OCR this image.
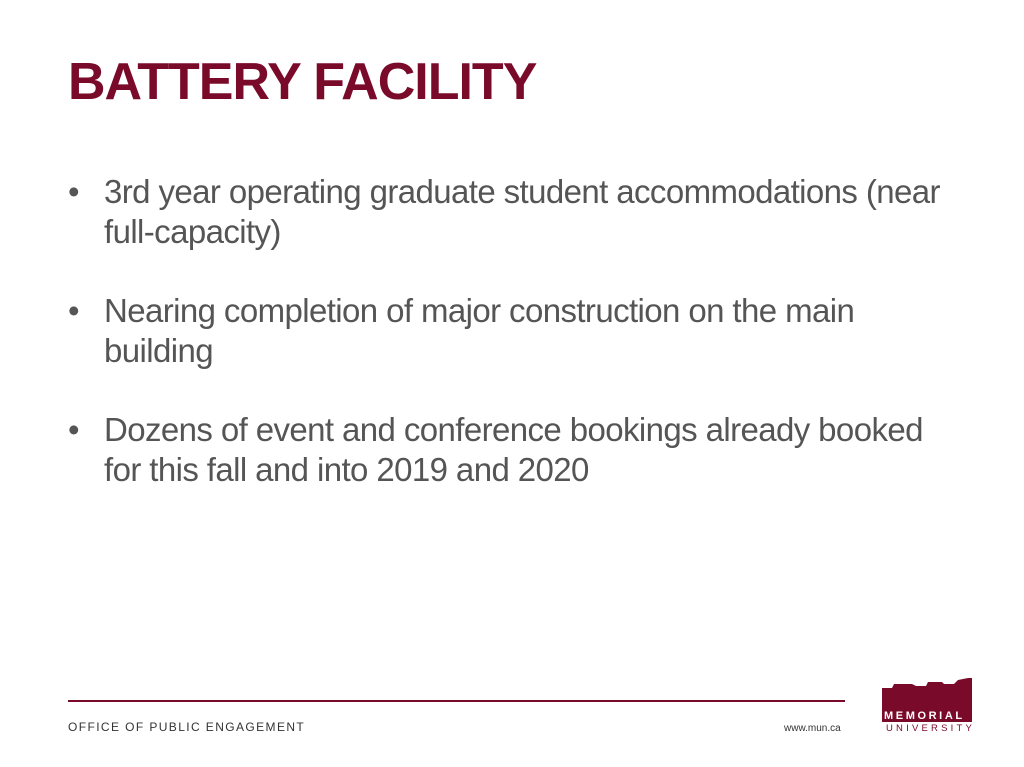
BATTERY FACILITY
• 3rd year operating graduate student accommodations (near full-capacity)
• Nearing completion of major construction on the main building
• Dozens of event and conference bookings already booked for this fall and into 2019 and 2020
OFFICE OF PUBLIC ENGAGEMENT	www.mun.ca
MEMORIAL
UNIVERSITY
